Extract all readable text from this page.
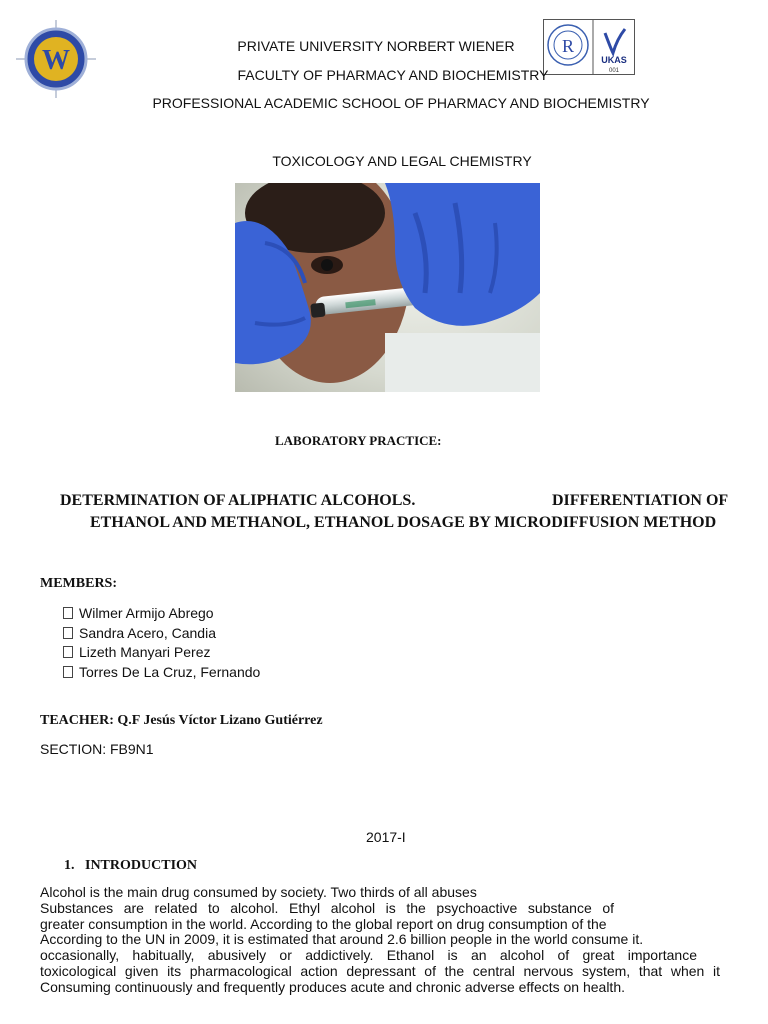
W	R
UKAS
001
PRIVATE UNIVERSITY NORBERT WIENER
FACULTY OF PHARMACY AND BIOCHEMISTRY
PROFESSIONAL ACADEMIC SCHOOL OF PHARMACY AND BIOCHEMISTRY
TOXICOLOGY AND LEGAL CHEMISTRY
LABORATORY PRACTICE:
DETERMINATION OF ALIPHATIC ALCOHOLS.	DIFFERENTIATION OF
ETHANOL AND METHANOL, ETHANOL DOSAGE BY MICRODIFFUSION METHOD
MEMBERS:
Wilmer Armijo Abrego
Sandra Acero, Candia
Lizeth Manyari Perez
Torres De La Cruz, Fernando
TEACHER: Q.F Jesús Víctor Lizano Gutiérrez
SECTION: FB9N1
2017-I
1. INTRODUCTION

Alcohol is the main drug consumed by society. Two thirds of all abuses

Substances are related to alcohol. Ethyl alcohol is the psychoactive substance of

greater consumption in the world. According to the global report on drug consumption of the

According to the UN in 2009, it is estimated that around 2.6 billion people in the world consume it.

occasionally, habitually, abusively or addictively. Ethanol is an alcohol of great importance

toxicological given its pharmacological action depressant of the central nervous system, that when it

Consuming continuously and frequently produces acute and chronic adverse effects on health.
